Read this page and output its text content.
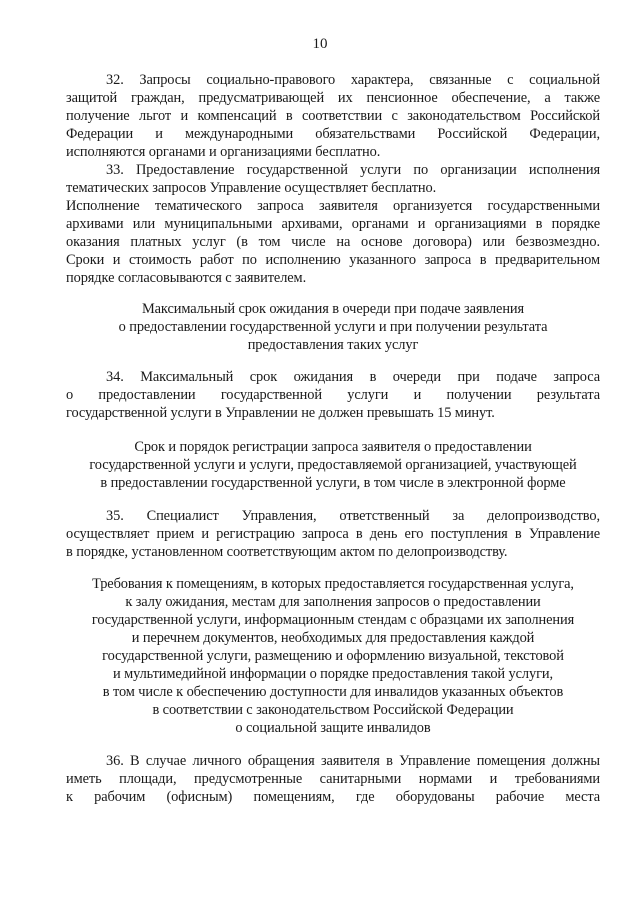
10
32. Запросы социально-правового характера, связанные с социальной
защитой граждан, предусматривающей их пенсионное обеспечение, а также
получение льгот и компенсаций в соответствии с законодательством Российской
Федерации и международными обязательствами Российской Федерации,
исполняются органами и организациями бесплатно.
33. Предоставление государственной услуги по организации исполнения
тематических запросов Управление осуществляет бесплатно.
Исполнение тематического запроса заявителя организуется государственными
архивами или муниципальными архивами, органами и организациями в порядке
оказания платных услуг (в том числе на основе договора) или безвозмездно.
Сроки и стоимость работ по исполнению указанного запроса в предварительном
порядке согласовываются с заявителем.
Максимальный срок ожидания в очереди при подаче заявления
о предоставлении государственной услуги и при получении результата
предоставления таких услуг
34. Максимальный срок ожидания в очереди при подаче запроса
о предоставлении государственной услуги и получении результата
государственной услуги в Управлении не должен превышать 15 минут.
Срок и порядок регистрации запроса заявителя о предоставлении
государственной услуги и услуги, предоставляемой организацией, участвующей
в предоставлении государственной услуги, в том числе в электронной форме
35. Специалист Управления, ответственный за делопроизводство,
осуществляет прием и регистрацию запроса в день его поступления в Управление
в порядке, установленном соответствующим актом по делопроизводству.
Требования к помещениям, в которых предоставляется государственная услуга,
к залу ожидания, местам для заполнения запросов о предоставлении
государственной услуги, информационным стендам с образцами их заполнения
и перечнем документов, необходимых для предоставления каждой
государственной услуги, размещению и оформлению визуальной, текстовой
и мультимедийной информации о порядке предоставления такой услуги,
в том числе к обеспечению доступности для инвалидов указанных объектов
в соответствии с законодательством Российской Федерации
о социальной защите инвалидов
36. В случае личного обращения заявителя в Управление помещения должны
иметь площади, предусмотренные санитарными нормами и требованиями
к рабочим (офисным) помещениям, где оборудованы рабочие места
